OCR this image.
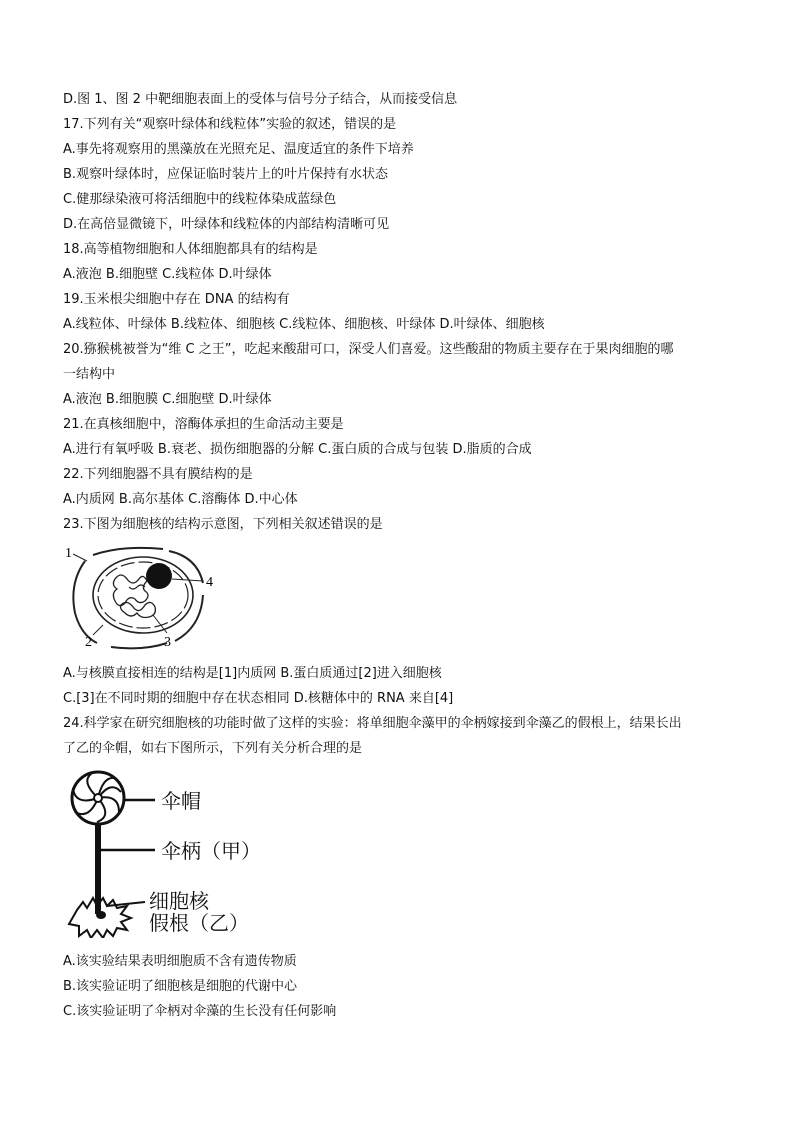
D.图 1、图 2 中靶细胞表面上的受体与信号分子结合，从而接受信息
17.下列有关“观察叶绿体和线粒体”实验的叙述，错误的是
A.事先将观察用的黑藻放在光照充足、温度适宜的条件下培养
B.观察叶绿体时，应保证临时装片上的叶片保持有水状态
C.健那绿染液可将活细胞中的线粒体染成蓝绿色
D.在高倍显微镜下，叶绿体和线粒体的内部结构清晰可见
18.高等植物细胞和人体细胞都具有的结构是
A.液泡 B.细胞壁 C.线粒体 D.叶绿体
19.玉米根尖细胞中存在 DNA 的结构有
A.线粒体、叶绿体 B.线粒体、细胞核 C.线粒体、细胞核、叶绿体 D.叶绿体、细胞核
20.猕猴桃被誉为“维 C 之王”，吃起来酸甜可口，深受人们喜爱。这些酸甜的物质主要存在于果肉细胞的哪
一结构中
A.液泡 B.细胞膜 C.细胞壁 D.叶绿体
21.在真核细胞中，溶酶体承担的生命活动主要是
A.进行有氧呼吸 B.衰老、损伤细胞器的分解 C.蛋白质的合成与包装 D.脂质的合成
22.下列细胞器不具有膜结构的是
A.内质网 B.高尔基体 C.溶酶体 D.中心体
23.下图为细胞核的结构示意图，下列相关叙述错误的是
1
2	3
4
A.与核膜直接相连的结构是[1]内质网 B.蛋白质通过[2]进入细胞核
C.[3]在不同时期的细胞中存在状态相同 D.核糖体中的 RNA 来自[4]
24.科学家在研究细胞核的功能时做了这样的实验：将单细胞伞藻甲的伞柄嫁接到伞藻乙的假根上，结果长出
了乙的伞帽，如右下图所示，下列有关分析合理的是
伞帽
伞柄（甲）
细胞核
假根（乙）
A.该实验结果表明细胞质不含有遗传物质
B.该实验证明了细胞核是细胞的代谢中心
C.该实验证明了伞柄对伞藻的生长没有任何影响
